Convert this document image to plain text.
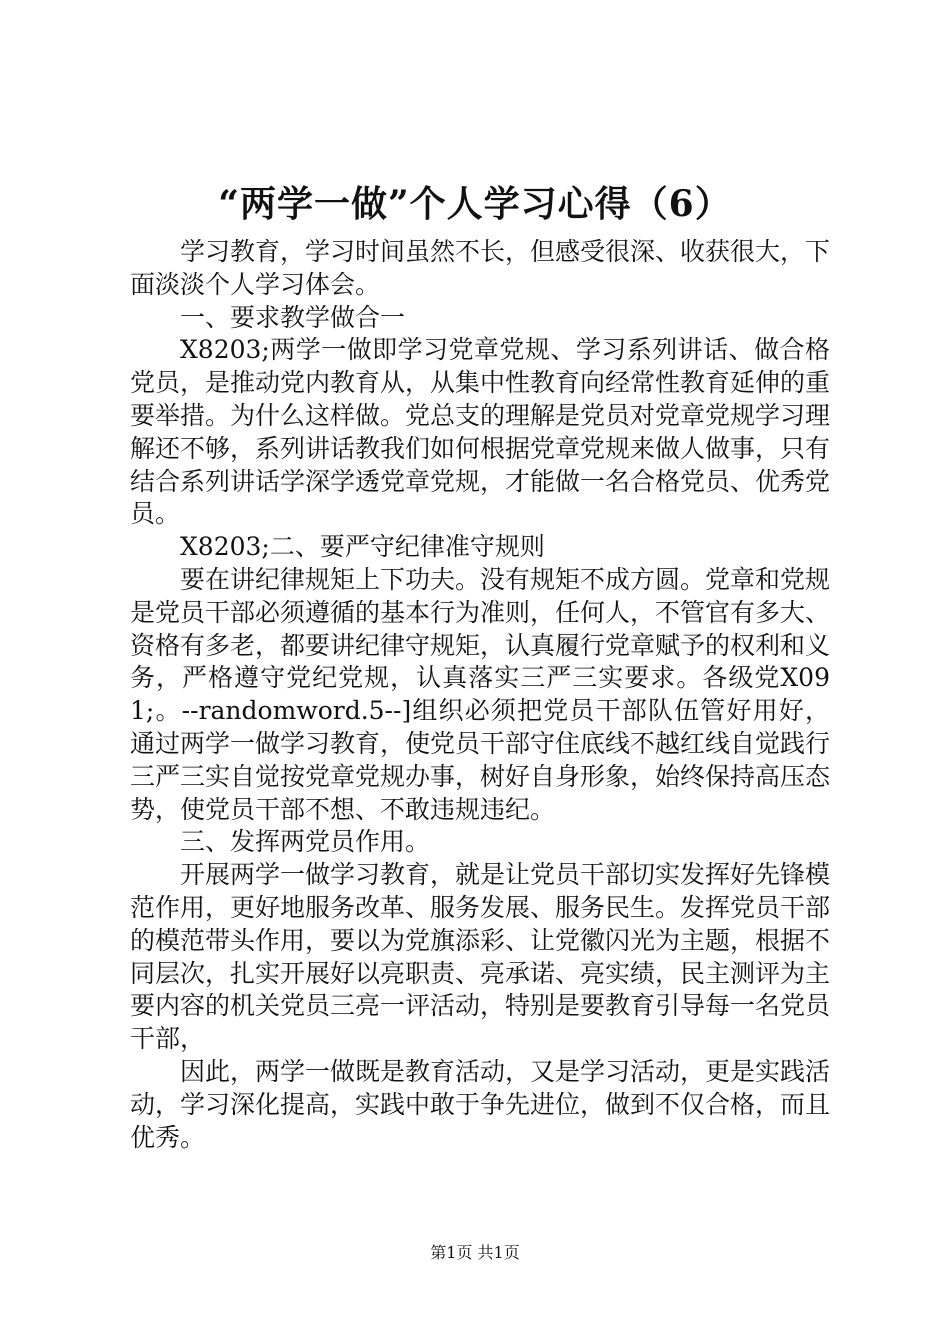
“两学一做”个人学习心得（6）

学习教育，学习时间虽然不长，但感受很深、收获很大，下面淡淡个人学习体会。

一、要求教学做合一

X8203;两学一做即学习党章党规、学习系列讲话、做合格党员，是推动党内教育从，从集中性教育向经常性教育延伸的重要举措。为什么这样做。党总支的理解是党员对党章党规学习理解还不够，系列讲话教我们如何根据党章党规来做人做事，只有结合系列讲话学深学透党章党规，才能做一名合格党员、优秀党员。

X8203;二、要严守纪律准守规则

要在讲纪律规矩上下功夫。没有规矩不成方圆。党章和党规是党员干部必须遵循的基本行为准则，任何人，不管官有多大、资格有多老，都要讲纪律守规矩，认真履行党章赋予的权利和义务，严格遵守党纪党规，认真落实三严三实要求。各级党X091;。--randomword.5--]组织必须把党员干部队伍管好用好，通过两学一做学习教育，使党员干部守住底线不越红线自觉践行三严三实自觉按党章党规办事，树好自身形象，始终保持高压态势，使党员干部不想、不敢违规违纪。

三、发挥两党员作用。

开展两学一做学习教育，就是让党员干部切实发挥好先锋模范作用，更好地服务改革、服务发展、服务民生。发挥党员干部的模范带头作用，要以为党旗添彩、让党徽闪光为主题，根据不同层次，扎实开展好以亮职责、亮承诺、亮实绩，民主测评为主要内容的机关党员三亮一评活动，特别是要教育引导每一名党员干部，

因此，两学一做既是教育活动，又是学习活动，更是实践活动，学习深化提高，实践中敢于争先进位，做到不仅合格，而且优秀。

第1页 共1页
